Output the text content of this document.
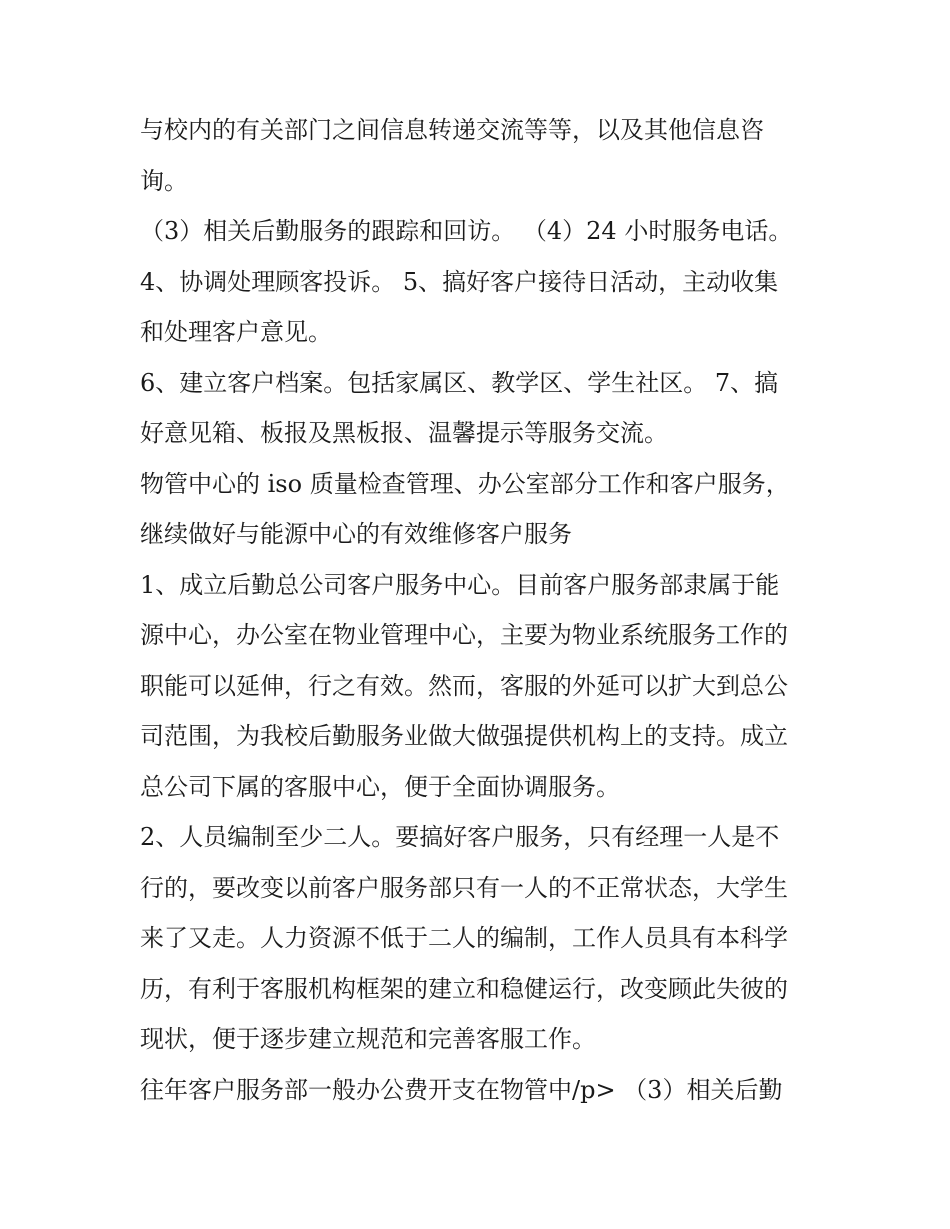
与校内的有关部门之间信息转递交流等等，以及其他信息咨

询。

（3）相关后勤服务的跟踪和回访。 （4）24 小时服务电话。

4、协调处理顾客投诉。 5、搞好客户接待日活动，主动收集

和处理客户意见。

6、建立客户档案。包括家属区、教学区、学生社区。 7、搞

好意见箱、板报及黑板报、温馨提示等服务交流。

物管中心的 iso 质量检查管理、办公室部分工作和客户服务，

继续做好与能源中心的有效维修客户服务

1、成立后勤总公司客户服务中心。目前客户服务部隶属于能

源中心，办公室在物业管理中心，主要为物业系统服务工作的

职能可以延伸，行之有效。然而，客服的外延可以扩大到总公

司范围，为我校后勤服务业做大做强提供机构上的支持。成立

总公司下属的客服中心，便于全面协调服务。

2、人员编制至少二人。要搞好客户服务，只有经理一人是不

行的，要改变以前客户服务部只有一人的不正常状态，大学生

来了又走。人力资源不低于二人的编制，工作人员具有本科学

历，有利于客服机构框架的建立和稳健运行，改变顾此失彼的

现状，便于逐步建立规范和完善客服工作。

往年客户服务部一般办公费开支在物管中/p> （3）相关后勤
